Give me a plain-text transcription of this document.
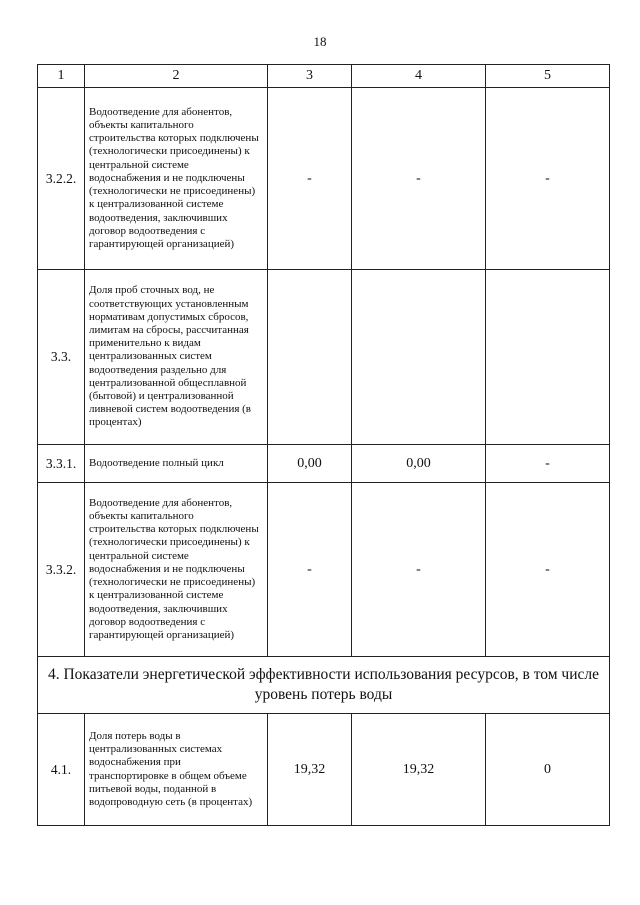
18
1	2	3	4	5
3.2.2.	Водоотведение для абонентов, объекты капитального строительства которых подключены (технологически присоединены) к центральной системе водоснабжения и не подключены (технологически не присоединены) к централизованной системе водоотведения, заключивших договор водоотведения с гарантирующей организацией)	-	-	-
3.3.	Доля проб сточных вод, не соответствующих установленным нормативам допустимых сбросов, лимитам на сбросы, рассчитанная применительно к видам централизованных систем водоотведения раздельно для централизованной общесплавной (бытовой) и централизованной ливневой систем водоотведения (в процентах)			
3.3.1.	Водоотведение полный цикл	0,00	0,00	-
3.3.2.	Водоотведение для абонентов, объекты капитального строительства которых подключены (технологически присоединены) к центральной системе водоснабжения и не подключены (технологически не присоединены) к централизованной системе водоотведения, заключивших договор водоотведения с гарантирующей организацией)	-	-	-
4. Показатели энергетической эффективности использования ресурсов, в том числе уровень потерь воды				
4.1.	Доля потерь воды в централизованных системах водоснабжения при транспортировке в общем объеме питьевой воды, поданной в водопроводную сеть (в процентах)	19,32	19,32	0
